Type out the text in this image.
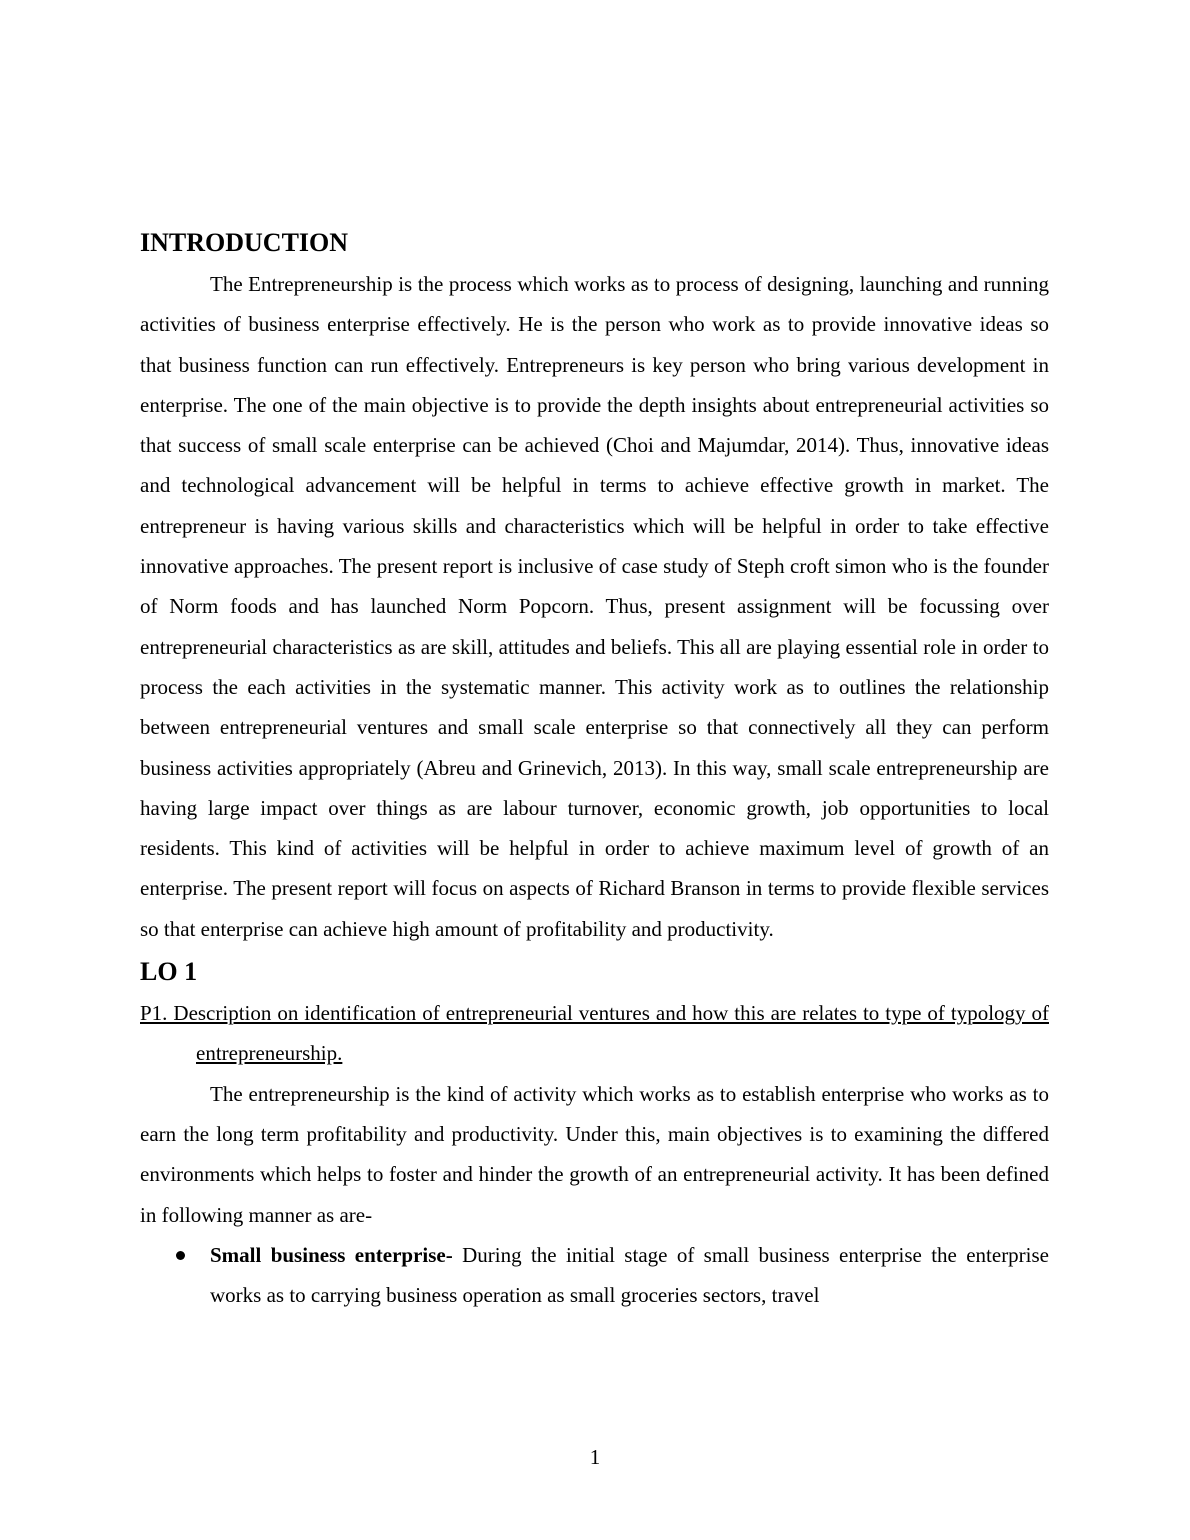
INTRODUCTION

The Entrepreneurship is the process which works as to process of designing, launching and running activities of business enterprise effectively. He is the person who work as to provide innovative ideas so that business function can run effectively. Entrepreneurs is key person who bring various development in enterprise. The one of the main objective is to provide the depth insights about entrepreneurial activities so that success of small scale enterprise can be achieved (Choi and Majumdar, 2014). Thus, innovative ideas and technological advancement will be helpful in terms to achieve effective growth in market. The entrepreneur is having various skills and characteristics which will be helpful in order to take effective innovative approaches. The present report is inclusive of case study of Steph croft simon who is the founder of Norm foods and has launched Norm Popcorn. Thus, present assignment will be focussing over entrepreneurial characteristics as are skill, attitudes and beliefs. This all are playing essential role in order to process the each activities in the systematic manner. This activity work as to outlines the relationship between entrepreneurial ventures and small scale enterprise so that connectively all they can perform business activities appropriately (Abreu and Grinevich, 2013). In this way, small scale entrepreneurship are having large impact over things as are labour turnover, economic growth, job opportunities to local residents. This kind of activities will be helpful in order to achieve maximum level of growth of an enterprise. The present report will focus on aspects of Richard Branson in terms to provide flexible services so that enterprise can achieve high amount of profitability and productivity.

LO 1

P1. Description on identification of entrepreneurial ventures and how this are relates to type of typology of entrepreneurship.

The entrepreneurship is the kind of activity which works as to establish enterprise who works as to earn the long term profitability and productivity. Under this, main objectives is to examining the differed environments which helps to foster and hinder the growth of an entrepreneurial activity. It has been defined in following manner as are-

Small business enterprise- During the initial stage of small business enterprise the enterprise works as to carrying business operation as small groceries sectors, travel
1
